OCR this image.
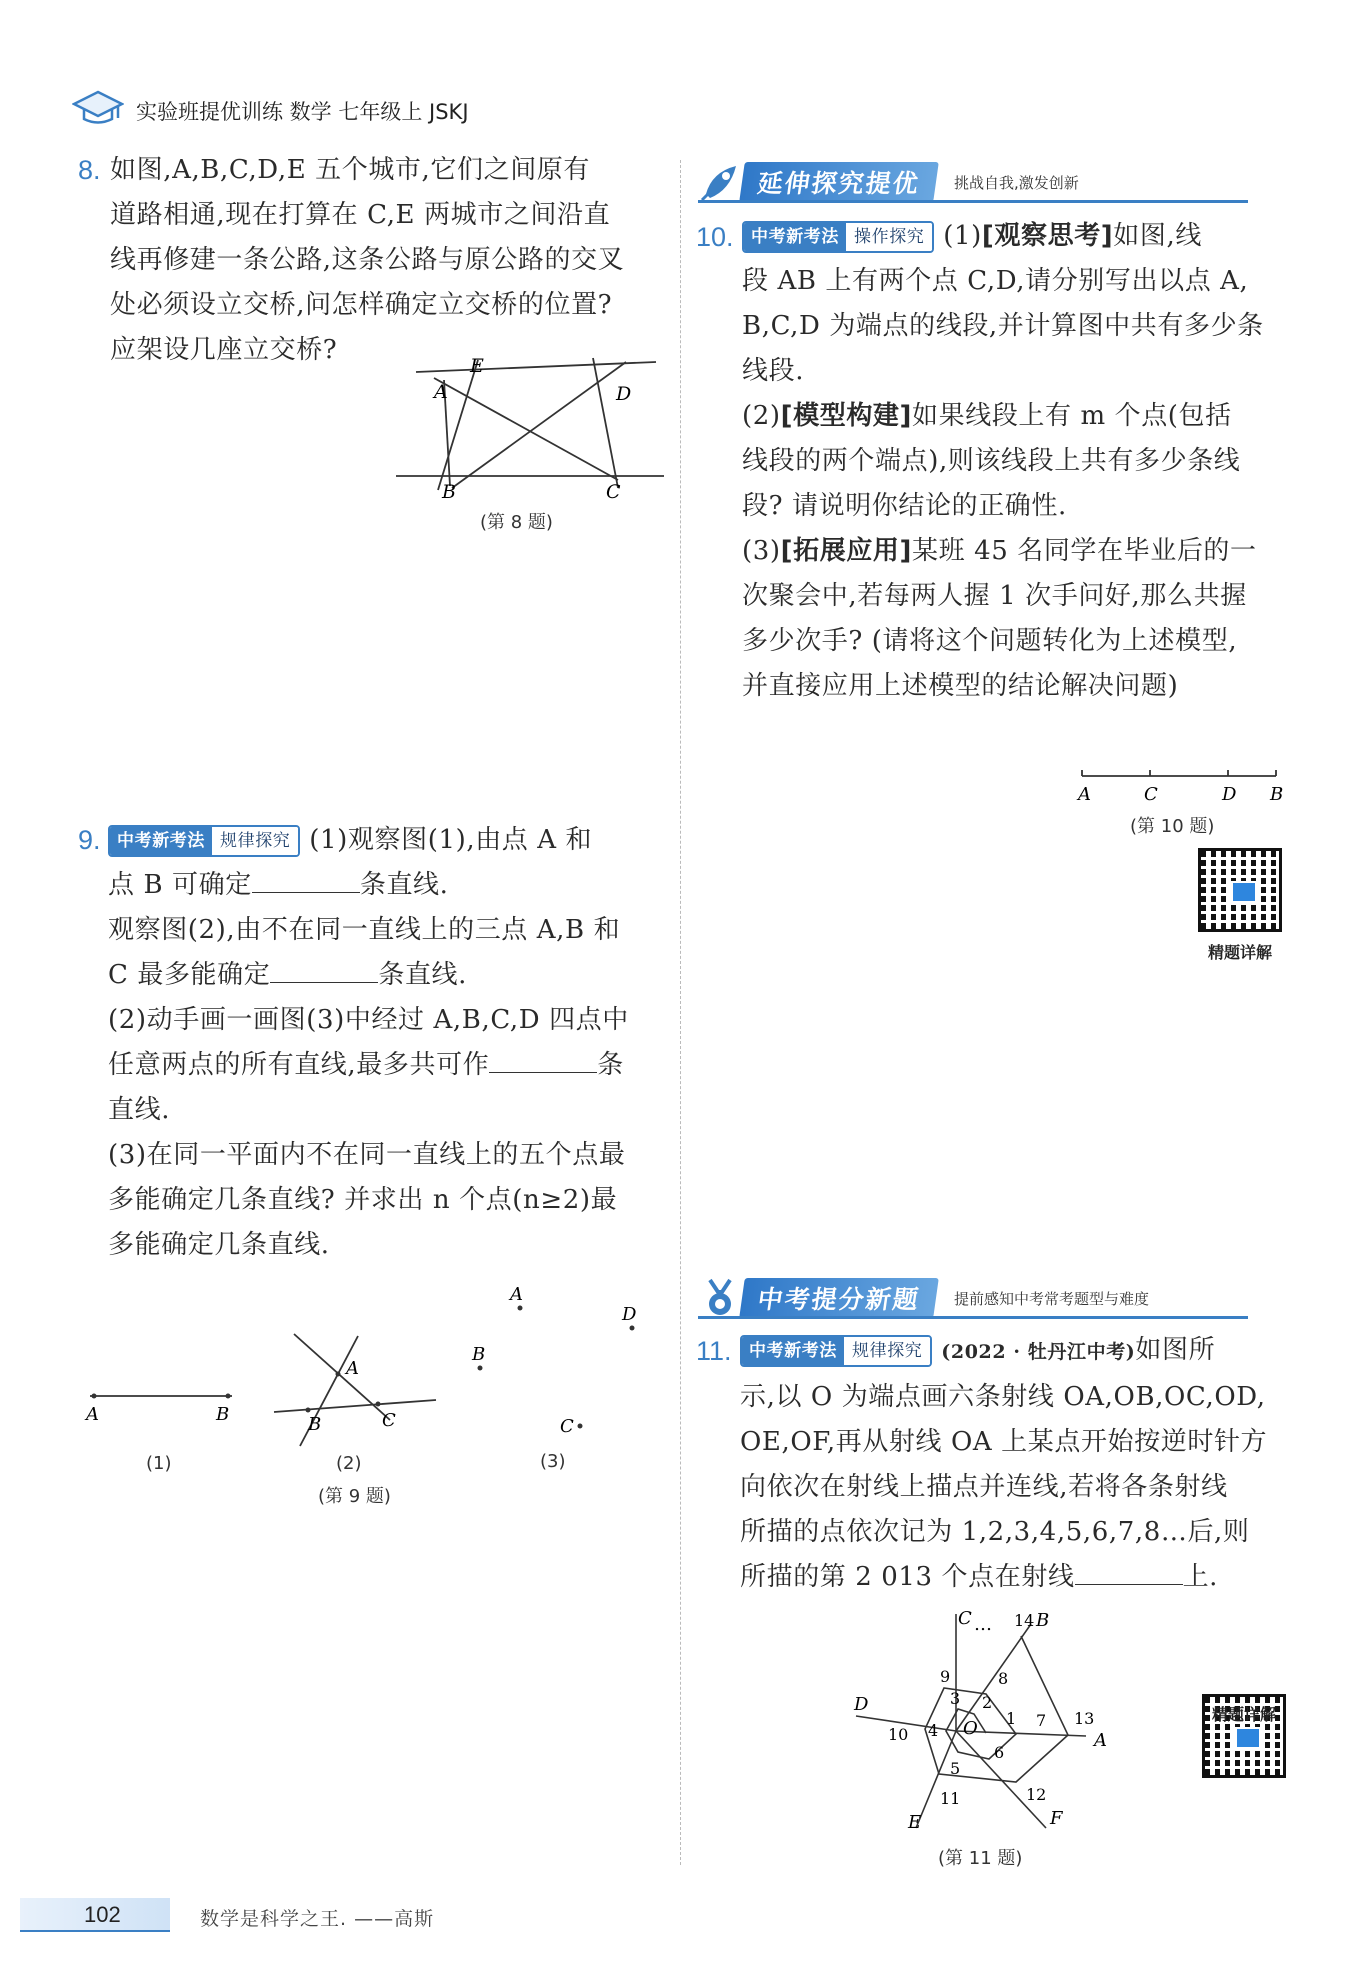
实验班提优训练 数学 七年级上 JSKJ
8. 如图,A,B,C,D,E 五个城市,它们之间原有
道路相通,现在打算在 C,E 两城市之间沿直
线再修建一条公路,这条公路与原公路的交叉
处必须设立交桥,问怎样确定立交桥的位置?
应架设几座立交桥?
E
A	D
B	C
(第 8 题)
9. 中考新考法 规律探究 (1)观察图(1),由点 A 和
点 B 可确定	条直线.
观察图(2),由不在同一直线上的三点 A,B 和
C 最多能确定	条直线.
(2)动手画一画图(3)中经过 A,B,C,D 四点中
任意两点的所有直线,最多共可作	条
直线.
(3)在同一平面内不在同一直线上的五个点最
多能确定几条直线? 并求出 n 个点(n≥2)最
多能确定几条直线.
A	B
(1)
A
B	C
(2)
A
D
B
C
(3)
(第 9 题)
延伸探究提优	挑战自我,激发创新
10.	中考新考法 操作探究 (1)[观察思考]如图,线
段 AB 上有两个点 C,D,请分别写出以点 A,
B,C,D 为端点的线段,并计算图中共有多少条
线段.
(2)[模型构建]如果线段上有 m 个点(包括
线段的两个端点),则该线段上共有多少条线
段? 请说明你结论的正确性.
(3)[拓展应用]某班 45 名同学在毕业后的一
次聚会中,若每两人握 1 次手问好,那么共握
多少次手? (请将这个问题转化为上述模型,
并直接应用上述模型的结论解决问题)
A	C	D B
(第 10 题)
精题详解
中考提分新题	提前感知中考常考题型与难度
11.	中考新考法 规律探究 (2022 · 牡丹江中考)如图所
示,以 O 为端点画六条射线 OA,OB,OC,OD,
OE,OF,再从射线 OA 上某点开始按逆时针方
向依次在射线上描点并连线,若将各条射线
所描的点依次记为 1,2,3,4,5,6,7,8…后,则
所描的第 2 013 个点在射线	上.
O
A
B
C …
D
E	F
1
2
3
4
5
6
7
8
9
10
11	12
13
14
(第 11 题)
精题详解
102	数学是科学之王. ——高斯
